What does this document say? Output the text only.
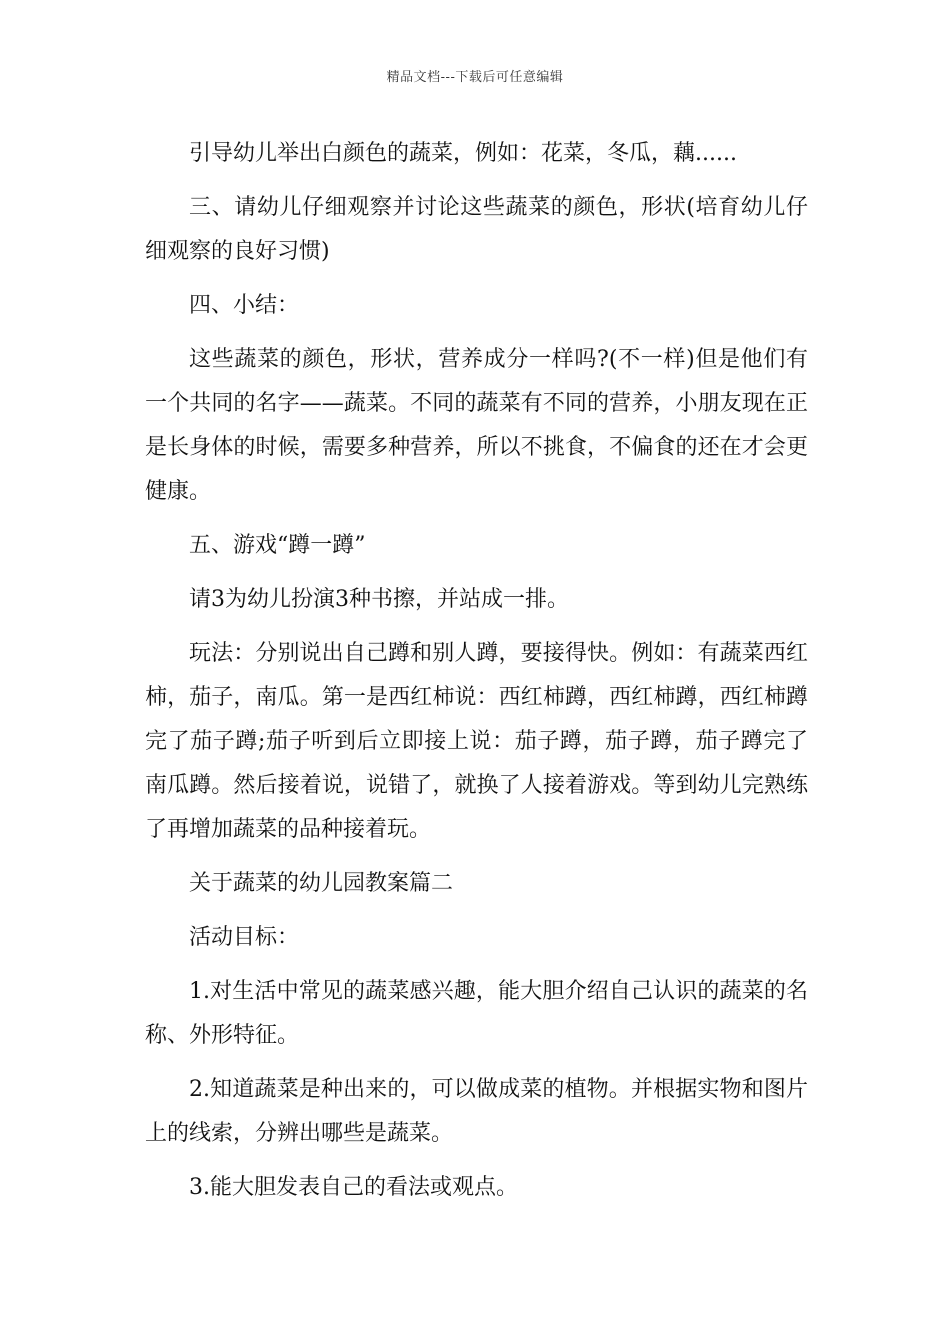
精品文档---下载后可任意编辑

引导幼儿举出白颜色的蔬菜，例如：花菜，冬瓜，藕......

三、请幼儿仔细观察并讨论这些蔬菜的颜色，形状(培育幼儿仔细观察的良好习惯)

四、小结：

这些蔬菜的颜色，形状，营养成分一样吗?(不一样)但是他们有一个共同的名字——蔬菜。不同的蔬菜有不同的营养，小朋友现在正是长身体的时候，需要多种营养，所以不挑食，不偏食的还在才会更健康。

五、游戏“蹲一蹲”

请3为幼儿扮演3种书擦，并站成一排。

玩法：分别说出自己蹲和别人蹲，要接得快。例如：有蔬菜西红柿，茄子，南瓜。第一是西红柿说：西红柿蹲，西红柿蹲，西红柿蹲完了茄子蹲;茄子听到后立即接上说：茄子蹲，茄子蹲，茄子蹲完了南瓜蹲。然后接着说，说错了，就换了人接着游戏。等到幼儿完熟练了再增加蔬菜的品种接着玩。

关于蔬菜的幼儿园教案篇二

活动目标：

1.对生活中常见的蔬菜感兴趣，能大胆介绍自己认识的蔬菜的名称、外形特征。

2.知道蔬菜是种出来的，可以做成菜的植物。并根据实物和图片上的线索，分辨出哪些是蔬菜。

3.能大胆发表自己的看法或观点。
